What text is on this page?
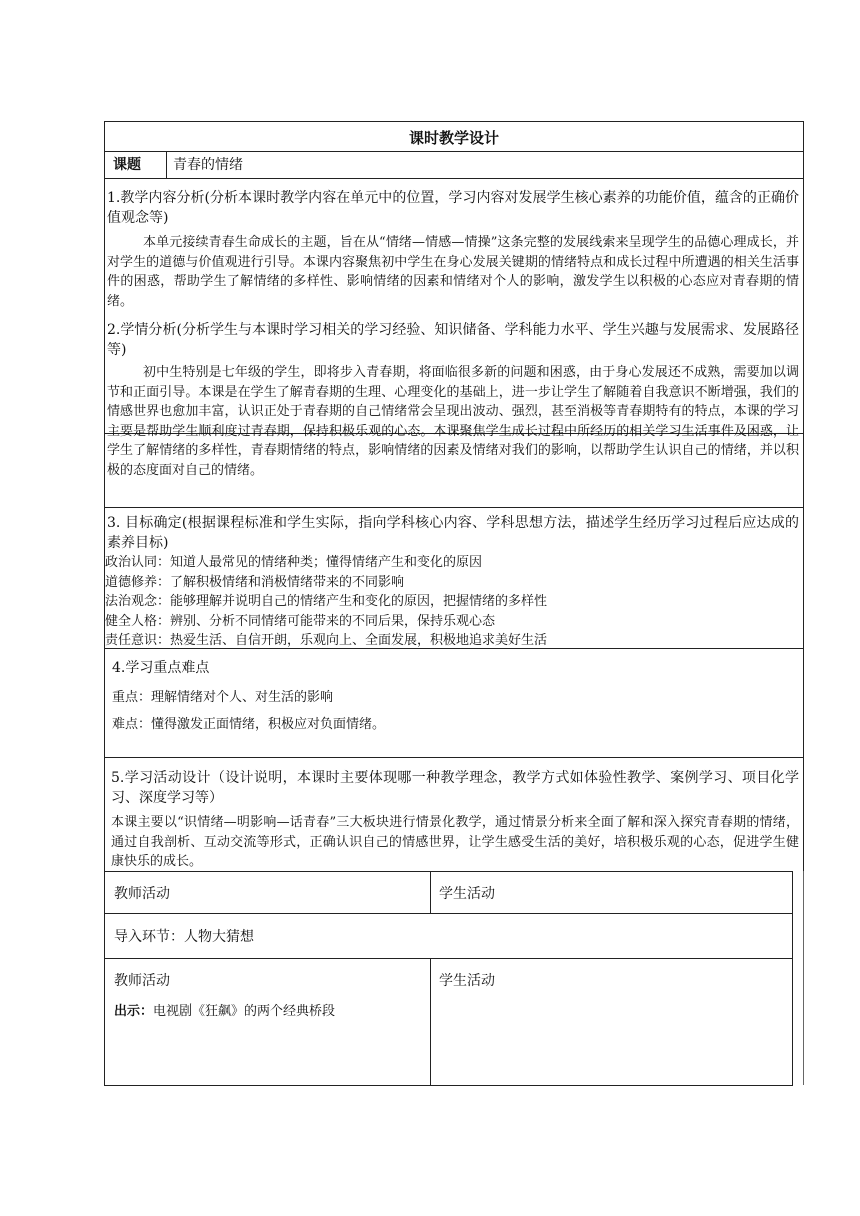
课时教学设计
课题 青春的情绪
1.教学内容分析(分析本课时教学内容在单元中的位置，学习内容对发展学生核心素养的功能价值，蕴含的正确价值观念等)
本单元接续青春生命成长的主题，旨在从“情绪—情感—情操”这条完整的发展线索来呈现学生的品德心理成长，并对学生的道德与价值观进行引导。本课内容聚焦初中学生在身心发展关键期的情绪特点和成长过程中所遭遇的相关生活事件的困惑，帮助学生了解情绪的多样性、影响情绪的因素和情绪对个人的影响，激发学生以积极的心态应对青春期的情绪。
2.学情分析(分析学生与本课时学习相关的学习经验、知识储备、学科能力水平、学生兴趣与发展需求、发展路径等)
初中生特别是七年级的学生，即将步入青春期，将面临很多新的问题和困惑，由于身心发展还不成熟，需要加以调节和正面引导。本课是在学生了解青春期的生理、心理变化的基础上，进一步让学生了解随着自我意识不断增强，我们的情感世界也愈加丰富，认识正处于青春期的自己情绪常会呈现出波动、强烈，甚至消极等青春期特有的特点，本课的学习主要是帮助学生顺利度过青春期，保持积极乐观的心态。本课聚焦学生成长过程中所经历的相关学习生活事件及困惑，让学生了解情绪的多样性，青春期情绪的特点，影响情绪的因素及情绪对我们的影响，以帮助学生认识自己的情绪，并以积极的态度面对自己的情绪。
3. 目标确定(根据课程标准和学生实际，指向学科核心内容、学科思想方法，描述学生经历学习过程后应达成的素养目标)
政治认同：知道人最常见的情绪种类；懂得情绪产生和变化的原因
道德修养：了解积极情绪和消极情绪带来的不同影响
法治观念：能够理解并说明自己的情绪产生和变化的原因，把握情绪的多样性
健全人格：辨别、分析不同情绪可能带来的不同后果，保持乐观心态
责任意识：热爱生活、自信开朗，乐观向上、全面发展，积极地追求美好生活
4.学习重点难点
重点：理解情绪对个人、对生活的影响
难点：懂得激发正面情绪，积极应对负面情绪。
5.学习活动设计（设计说明，本课时主要体现哪一种教学理念，教学方式如体验性教学、案例学习、项目化学习、深度学习等）
本课主要以“识情绪—明影响—话青春”三大板块进行情景化教学，通过情景分析来全面了解和深入探究青春期的情绪，通过自我剖析、互动交流等形式，正确认识自己的情感世界，让学生感受生活的美好，培积极乐观的心态，促进学生健康快乐的成长。
教师活动	学生活动
导入环节：人物大猜想
教师活动
出示：电视剧《狂飙》的两个经典桥段
学生活动
